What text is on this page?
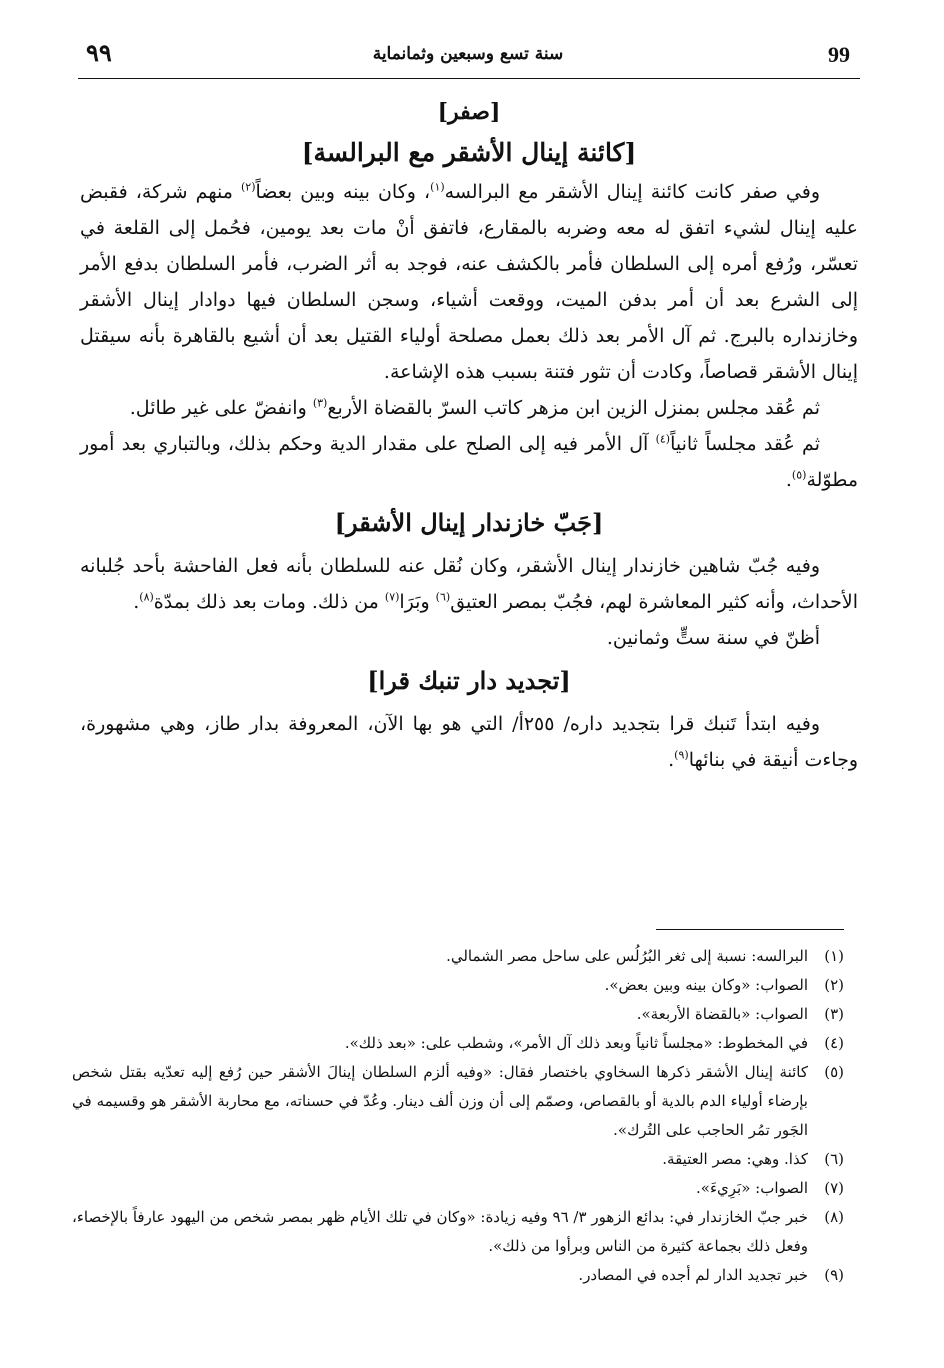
٩٩	سنة تسع وسبعين وثمانماية	99
[صفر]
[كائنة إينال الأشقر مع البرالسة]

  وفي صفر كانت كائنة إينال الأشقر مع البرالسه$^{(١)}$، وكان بينه وبين بعضاً$^{(٢)}$ منهم شركة، فقبض عليه إينال لشيء اتفق له معه وضربه بالمقارع، فاتفق أنْ مات بعد يومين، فحُمل إلى القلعة في تعسّر، ورُفع أمره إلى السلطان فأمر بالكشف عنه، فوجد به أثر الضرب، فأمر السلطان بدفع الأمر إلى الشرع بعد أن أمر بدفن الميت، ووقعت أشياء، وسجن السلطان فيها دوادار إينال الأشقر وخازنداره بالبرج. ثم آل الأمر بعد ذلك بعمل مصلحة أولياء القتيل بعد أن أشيع بالقاهرة بأنه سيقتل إينال الأشقر قصاصاً، وكادت أن تثور فتنة بسبب هذه الإشاعة.

  ثم عُقد مجلس بمنزل الزين ابن مزهر كاتب السرّ بالقضاة الأربع$^{(٣)}$ وانفضّ على غير طائل.

  ثم عُقد مجلساً ثانياً$^{(٤)}$ آل الأمر فيه إلى الصلح على مقدار الدية وحكم بذلك، وبالتباري بعد أمور مطوّلة$^{(٥)}$.

[جَبّ خازندار إينال الأشقر]

  وفيه جُبّ شاهين خازندار إينال الأشقر، وكان نُقل عنه للسلطان بأنه فعل الفاحشة بأحد جُلبانه الأحداث، وأنه كثير المعاشرة لهم، فجُبّ بمصر العتيق$^{(٦)}$ وبَرَا$^{(٧)}$ من ذلك. ومات بعد ذلك بمدّة$^{(٨)}$.

  أظنّ في سنة ستٍّ وثمانين.

[تجديد دار تنبك قرا]

  وفيه ابتدأ تَنبك قرا بتجديد داره/ ٢٥٥أ/ التي هو بها الآن، المعروفة بدار طاز، وهي مشهورة، وجاءت أنيقة في بنائها$^{(٩)}$.

(١)
البرالسه: نسبة إلى ثغر البُرُلُس على ساحل مصر الشمالي.
(٢)
الصواب: «وكان بينه وبين بعض».
(٣)
الصواب: «بالقضاة الأربعة».
(٤)
في المخطوط: «مجلساً ثانياً وبعد ذلك آل الأمر»، وشطب على: «بعد ذلك».
(٥)
كائنة إينال الأشقر ذكرها السخاوي باختصار فقال: «وفيه ألزم السلطان إينالَ الأشقر حين رُفع إليه تعدّيه بقتل شخص بإرضاء أولياء الدم بالدية أو بالقصاص، وصمّم إلى أن وزن ألف دينار. وعُدّ في حسناته، مع محاربة الأشقر هو وقسيمه في الجَور تمُر الحاجب على التُرك».
(٦)
كذا. وهي: مصر العتيقة.
(٧)
الصواب: «بَرِيءَ».
(٨)
خبر جبّ الخازندار في: بدائع الزهور ٣/ ٩٦ وفيه زيادة: «وكان في تلك الأيام ظهر بمصر شخص من اليهود عارفاً بالإخصاء، وفعل ذلك بجماعة كثيرة من الناس وبرأوا من ذلك».
(٩)
خبر تجديد الدار لم أجده في المصادر.
